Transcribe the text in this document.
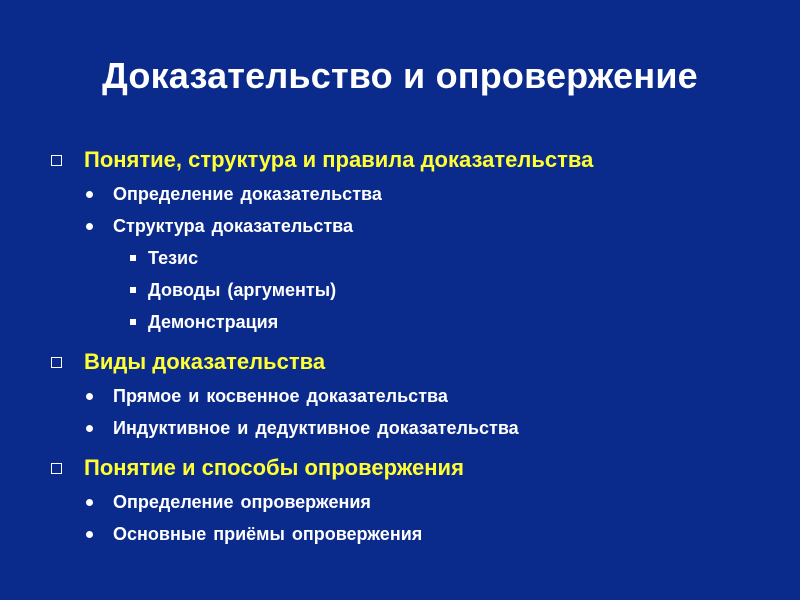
Доказательство и опровержение
Понятие, структура и правила доказательства
Определение доказательства
Структура доказательства
Тезис
Доводы (аргументы)
Демонстрация
Виды доказательства
Прямое и косвенное доказательства
Индуктивное и дедуктивное доказательства
Понятие и способы опровержения
Определение опровержения
Основные приёмы опровержения
